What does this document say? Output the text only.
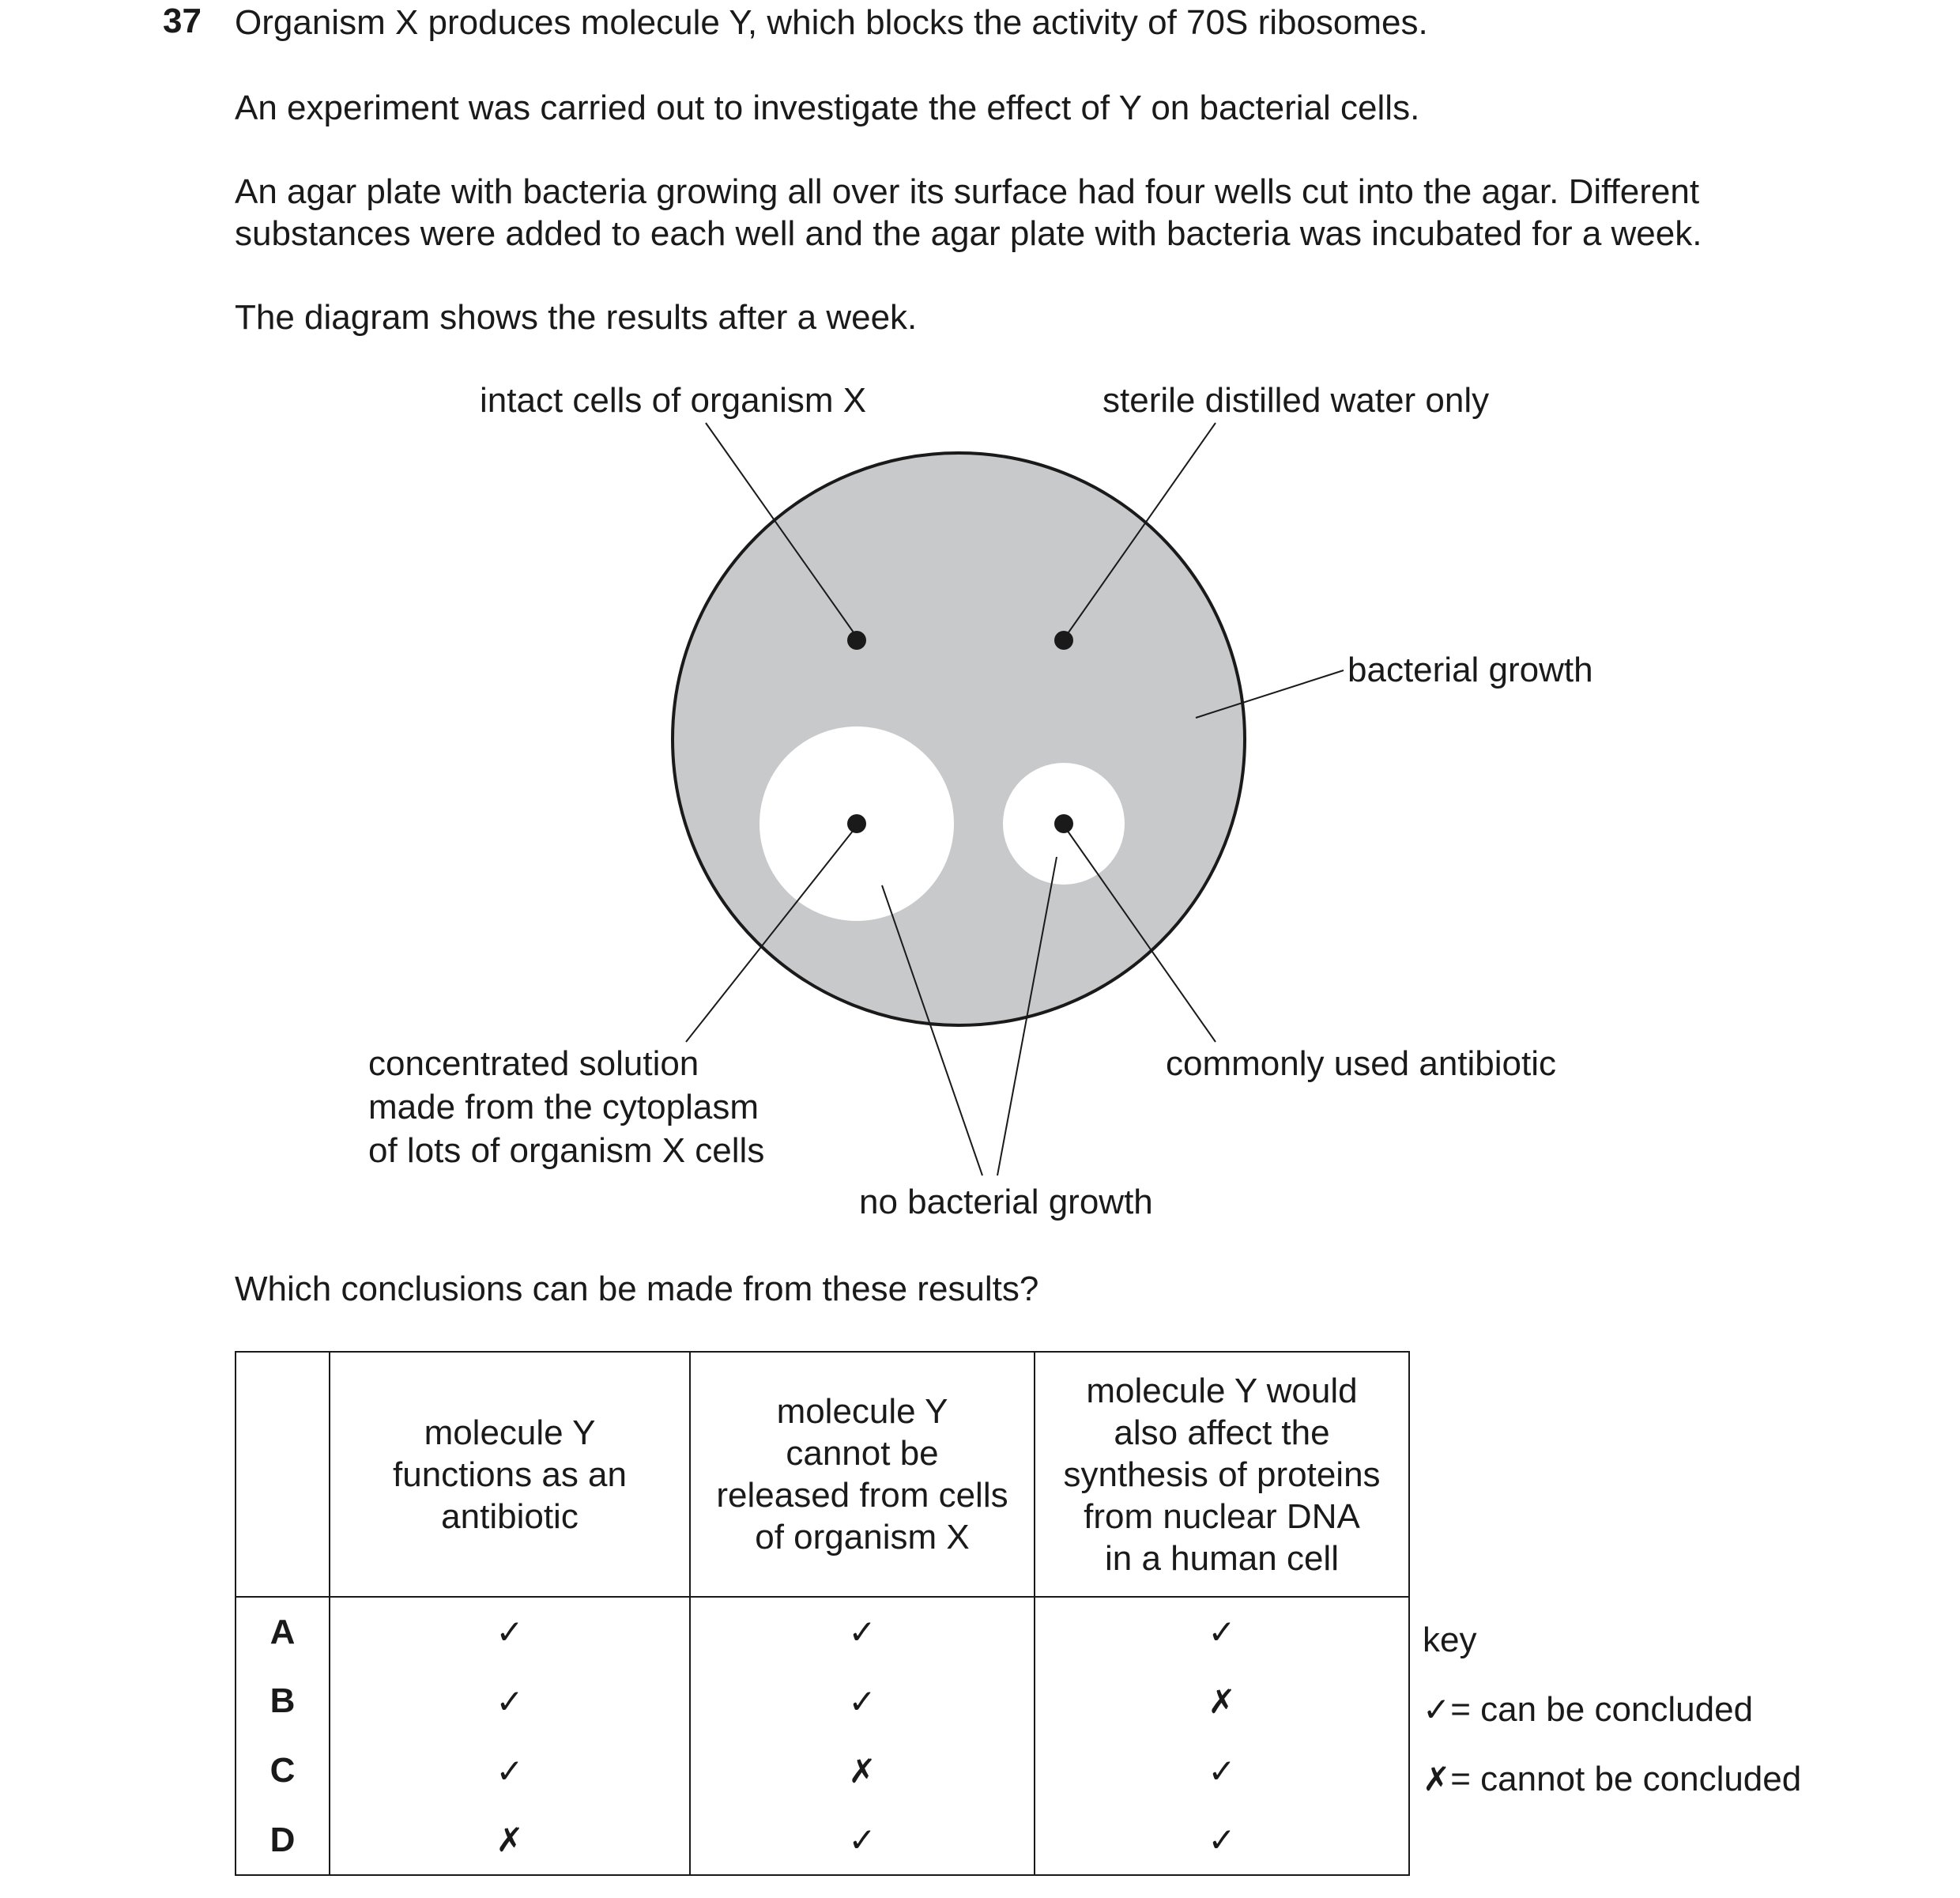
37 Organism X produces molecule Y, which blocks the activity of 70S ribosomes.
An experiment was carried out to investigate the effect of Y on bacterial cells.
An agar plate with bacteria growing all over its surface had four wells cut into the agar. Different
substances were added to each well and the agar plate with bacteria was incubated for a week.
The diagram shows the results after a week.
intact cells of organism X	sterile distilled water only
bacterial growth
concentrated solution
made from the cytoplasm
of lots of organism X cells
commonly used antibiotic
no bacterial growth
Which conclusions can be made from these results?
	molecule Y
functions as an
antibiotic	molecule Y
cannot be
released from cells
of organism X	molecule Y would
also affect the
synthesis of proteins
from nuclear DNA
in a human cell
A	✓	✓	✓
B	✓	✓	✗
C	✓	✗	✓
D	✗	✓	✓
key
✓= can be concluded
✗= cannot be concluded
